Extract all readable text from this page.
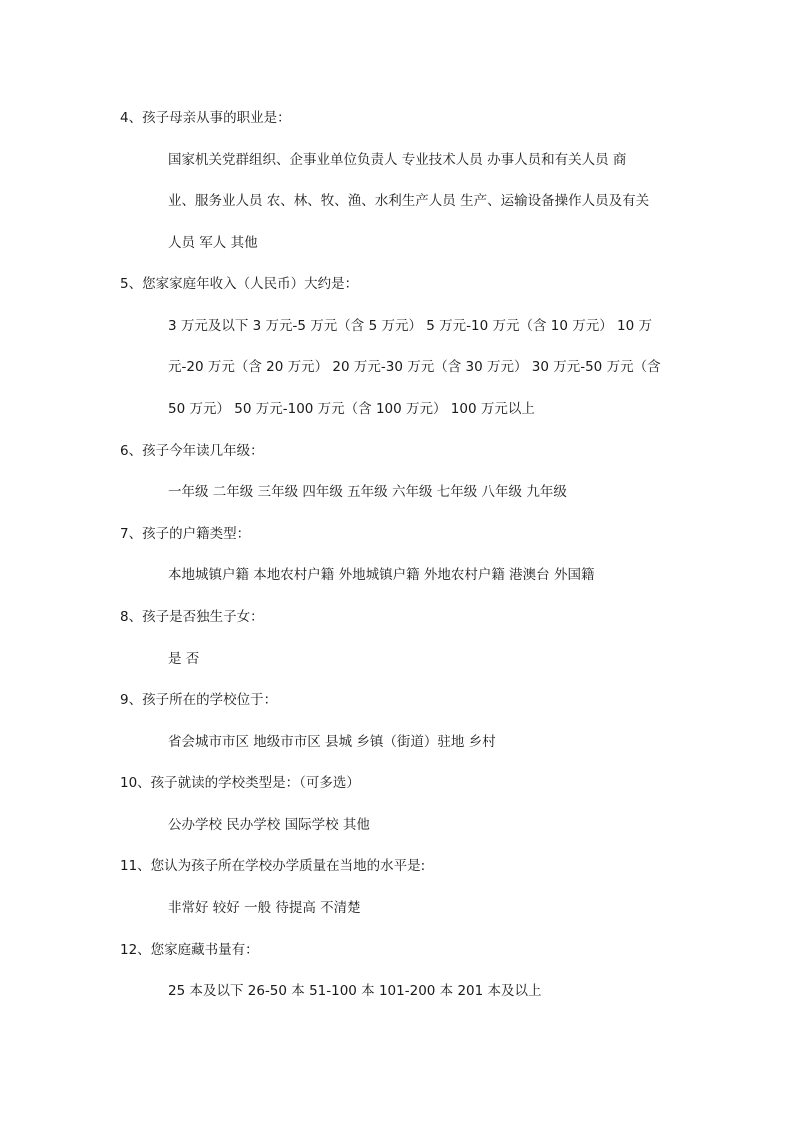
4、孩子母亲从事的职业是：
国家机关党群组织、企事业单位负责人 专业技术人员 办事人员和有关人员 商
业、服务业人员 农、林、牧、渔、水利生产人员 生产、运输设备操作人员及有关
人员 军人 其他
5、您家家庭年收入（人民币）大约是：
3 万元及以下 3 万元-5 万元（含 5 万元） 5 万元-10 万元（含 10 万元） 10 万
元-20 万元（含 20 万元） 20 万元-30 万元（含 30 万元） 30 万元-50 万元（含
50 万元） 50 万元-100 万元（含 100 万元） 100 万元以上
6、孩子今年读几年级：
一年级 二年级 三年级 四年级 五年级 六年级 七年级 八年级 九年级
7、孩子的户籍类型：
本地城镇户籍 本地农村户籍 外地城镇户籍 外地农村户籍 港澳台 外国籍
8、孩子是否独生子女：
是 否
9、孩子所在的学校位于：
省会城市市区 地级市市区 县城 乡镇（街道）驻地 乡村
10、孩子就读的学校类型是：（可多选）
公办学校 民办学校 国际学校 其他
11、您认为孩子所在学校办学质量在当地的水平是:
非常好 较好 一般 待提高 不清楚
12、您家庭藏书量有：
25 本及以下 26-50 本 51-100 本 101-200 本 201 本及以上
